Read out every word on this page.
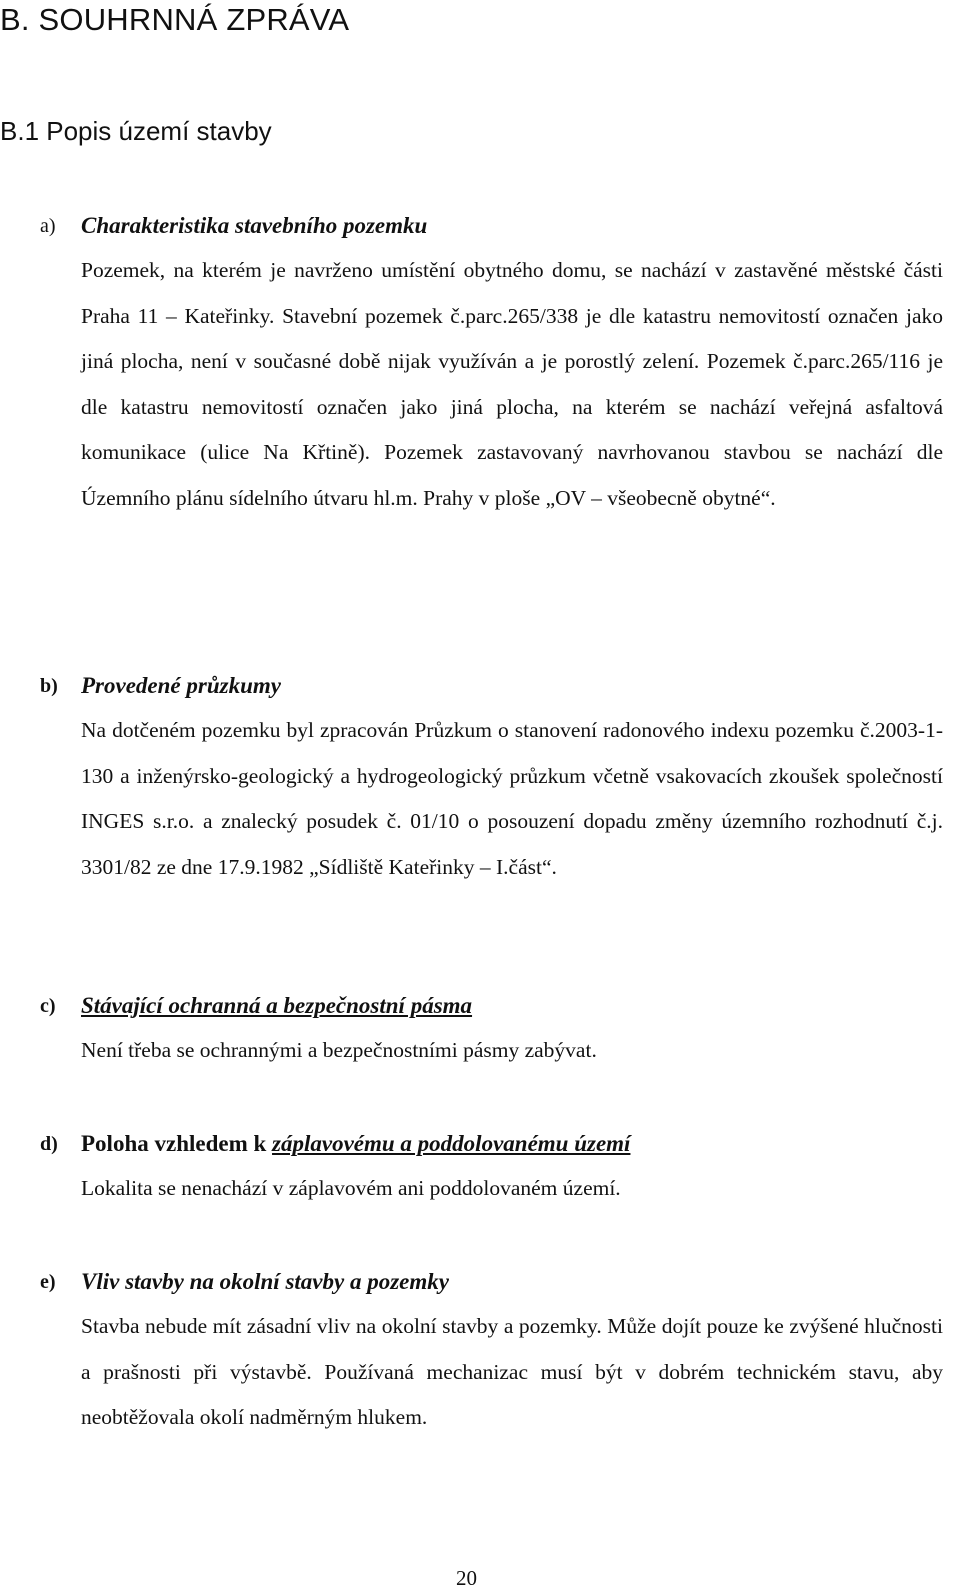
B. SOUHRNNÁ ZPRÁVA
B.1 Popis území stavby
a) Charakteristika stavebního pozemku

Pozemek, na kterém je navrženo umístění obytného domu, se nachází v zastavěné městské části Praha 11 – Kateřinky. Stavební pozemek č.parc.265/338 je dle katastru nemovitostí označen jako jiná plocha, není v současné době nijak využíván a je porostlý zelení. Pozemek č.parc.265/116 je dle katastru nemovitostí označen jako jiná plocha, na kterém se nachází veřejná asfaltová komunikace (ulice Na Křtině). Pozemek zastavovaný navrhovanou stavbou se nachází dle Územního plánu sídelního útvaru hl.m. Prahy v ploše „OV – všeobecně obytné“.

b) Provedené průzkumy

Na dotčeném pozemku byl zpracován Průzkum o stanovení radonového indexu pozemku č.2003-1-130 a inženýrsko-geologický a hydrogeologický průzkum včetně vsakovacích zkoušek společností INGES s.r.o. a znalecký posudek č. 01/10 o posouzení dopadu změny územního rozhodnutí č.j. 3301/82 ze dne 17.9.1982 „Sídliště Kateřinky – I.část“.

c) Stávající ochranná a bezpečnostní pásma

Není třeba se ochrannými a bezpečnostními pásmy zabývat.

d) Poloha vzhledem k záplavovému a poddolovanému území

Lokalita se nenachází v záplavovém ani poddolovaném území.

e) Vliv stavby na okolní stavby a pozemky

Stavba nebude mít zásadní vliv na okolní stavby a pozemky. Může dojít pouze ke zvýšené hlučnosti a prašnosti při výstavbě. Používaná mechanizac musí být v dobrém technickém stavu, aby neobtěžovala okolí nadměrným hlukem.

20
